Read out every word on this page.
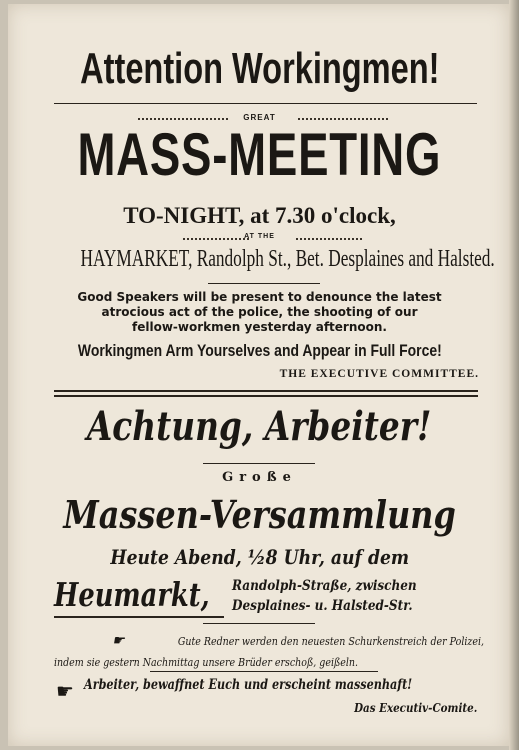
Attention Workingmen!
GREAT
MASS-MEETING
TO-NIGHT, at 7.30 o'clock,
AT THE
HAYMARKET, Randolph St., Bet. Desplaines and Halsted.
Good Speakers will be present to denounce the latest
atrocious act of the police, the shooting of our
fellow-workmen yesterday afternoon.
Workingmen Arm Yourselves and Appear in Full Force!
THE EXECUTIVE COMMITTEE.
Achtung, Arbeiter!
Große
Massen-Versammlung
Heute Abend, ½8 Uhr, auf dem
Heumarkt,	Randolph-Straße, zwischen
Desplaines- u. Halsted-Str.
☛	Gute Redner werden den neuesten Schurkenstreich der Polizei,
indem sie gestern Nachmittag unsere Brüder erschoß, geißeln.
☛ Arbeiter, bewaffnet Euch und erscheint massenhaft!
Das Executiv-Comite.
